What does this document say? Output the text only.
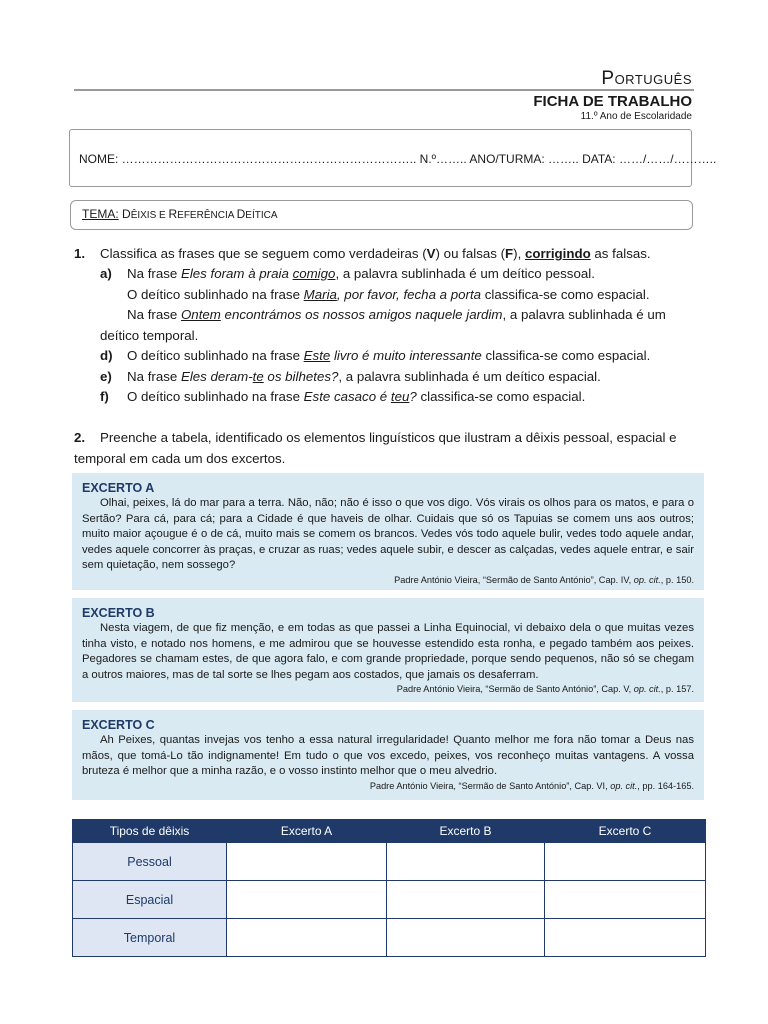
PORTUGUÊS
FICHA DE TRABALHO
11.º Ano de Escolaridade
NOME: ……………………………………………………………….. N.º…….. ANO/TURMA: …….. DATA: ……/……/………..
TEMA: DÊIXIS E REFERÊNCIA DEÍTICA
1. Classifica as frases que se seguem como verdadeiras (V) ou falsas (F), corrigindo as falsas.
a) Na frase Eles foram à praia comigo, a palavra sublinhada é um deítico pessoal.
O deítico sublinhado na frase Maria, por favor, fecha a porta classifica-se como espacial.
Na frase Ontem encontrámos os nossos amigos naquele jardim, a palavra sublinhada é um
deítico temporal.
d) O deítico sublinhado na frase Este livro é muito interessante classifica-se como espacial.
e) Na frase Eles deram-te os bilhetes?, a palavra sublinhada é um deítico espacial.
f) O deítico sublinhado na frase Este casaco é teu? classifica-se como espacial.
2. Preenche a tabela, identificado os elementos linguísticos que ilustram a dêixis pessoal, espacial e temporal em cada um dos excertos.
EXCERTO A
Olhai, peixes, lá do mar para a terra. Não, não; não é isso o que vos digo. Vós virais os olhos para os matos, e para o Sertão? Para cá, para cá; para a Cidade é que haveis de olhar. Cuidais que só os Tapuias se comem uns aos outros; muito maior açougue é o de cá, muito mais se comem os brancos. Vedes vós todo aquele bulir, vedes todo aquele andar, vedes aquele concorrer às praças, e cruzar as ruas; vedes aquele subir, e descer as calçadas, vedes aquele entrar, e sair sem quietação, nem sossego?
Padre António Vieira, “Sermão de Santo António”, Cap. IV, op. cit., p. 150.
EXCERTO B
Nesta viagem, de que fiz menção, e em todas as que passei a Linha Equinocial, vi debaixo dela o que muitas vezes tinha visto, e notado nos homens, e me admirou que se houvesse estendido esta ronha, e pegado também aos peixes. Pegadores se chamam estes, de que agora falo, e com grande propriedade, porque sendo pequenos, não só se chegam a outros maiores, mas de tal sorte se lhes pegam aos costados, que jamais os desaferram.
Padre António Vieira, “Sermão de Santo António”, Cap. V, op. cit., p. 157.
EXCERTO C
Ah Peixes, quantas invejas vos tenho a essa natural irregularidade! Quanto melhor me fora não tomar a Deus nas mãos, que tomá-Lo tão indignamente! Em tudo o que vos excedo, peixes, vos reconheço muitas vantagens. A vossa bruteza é melhor que a minha razão, e o vosso instinto melhor que o meu alvedrio.
Padre António Vieira, “Sermão de Santo António”, Cap. VI, op. cit., pp. 164-165.
Tipos de dêixis	Excerto A	Excerto B	Excerto C
Pessoal			
Espacial			
Temporal			
